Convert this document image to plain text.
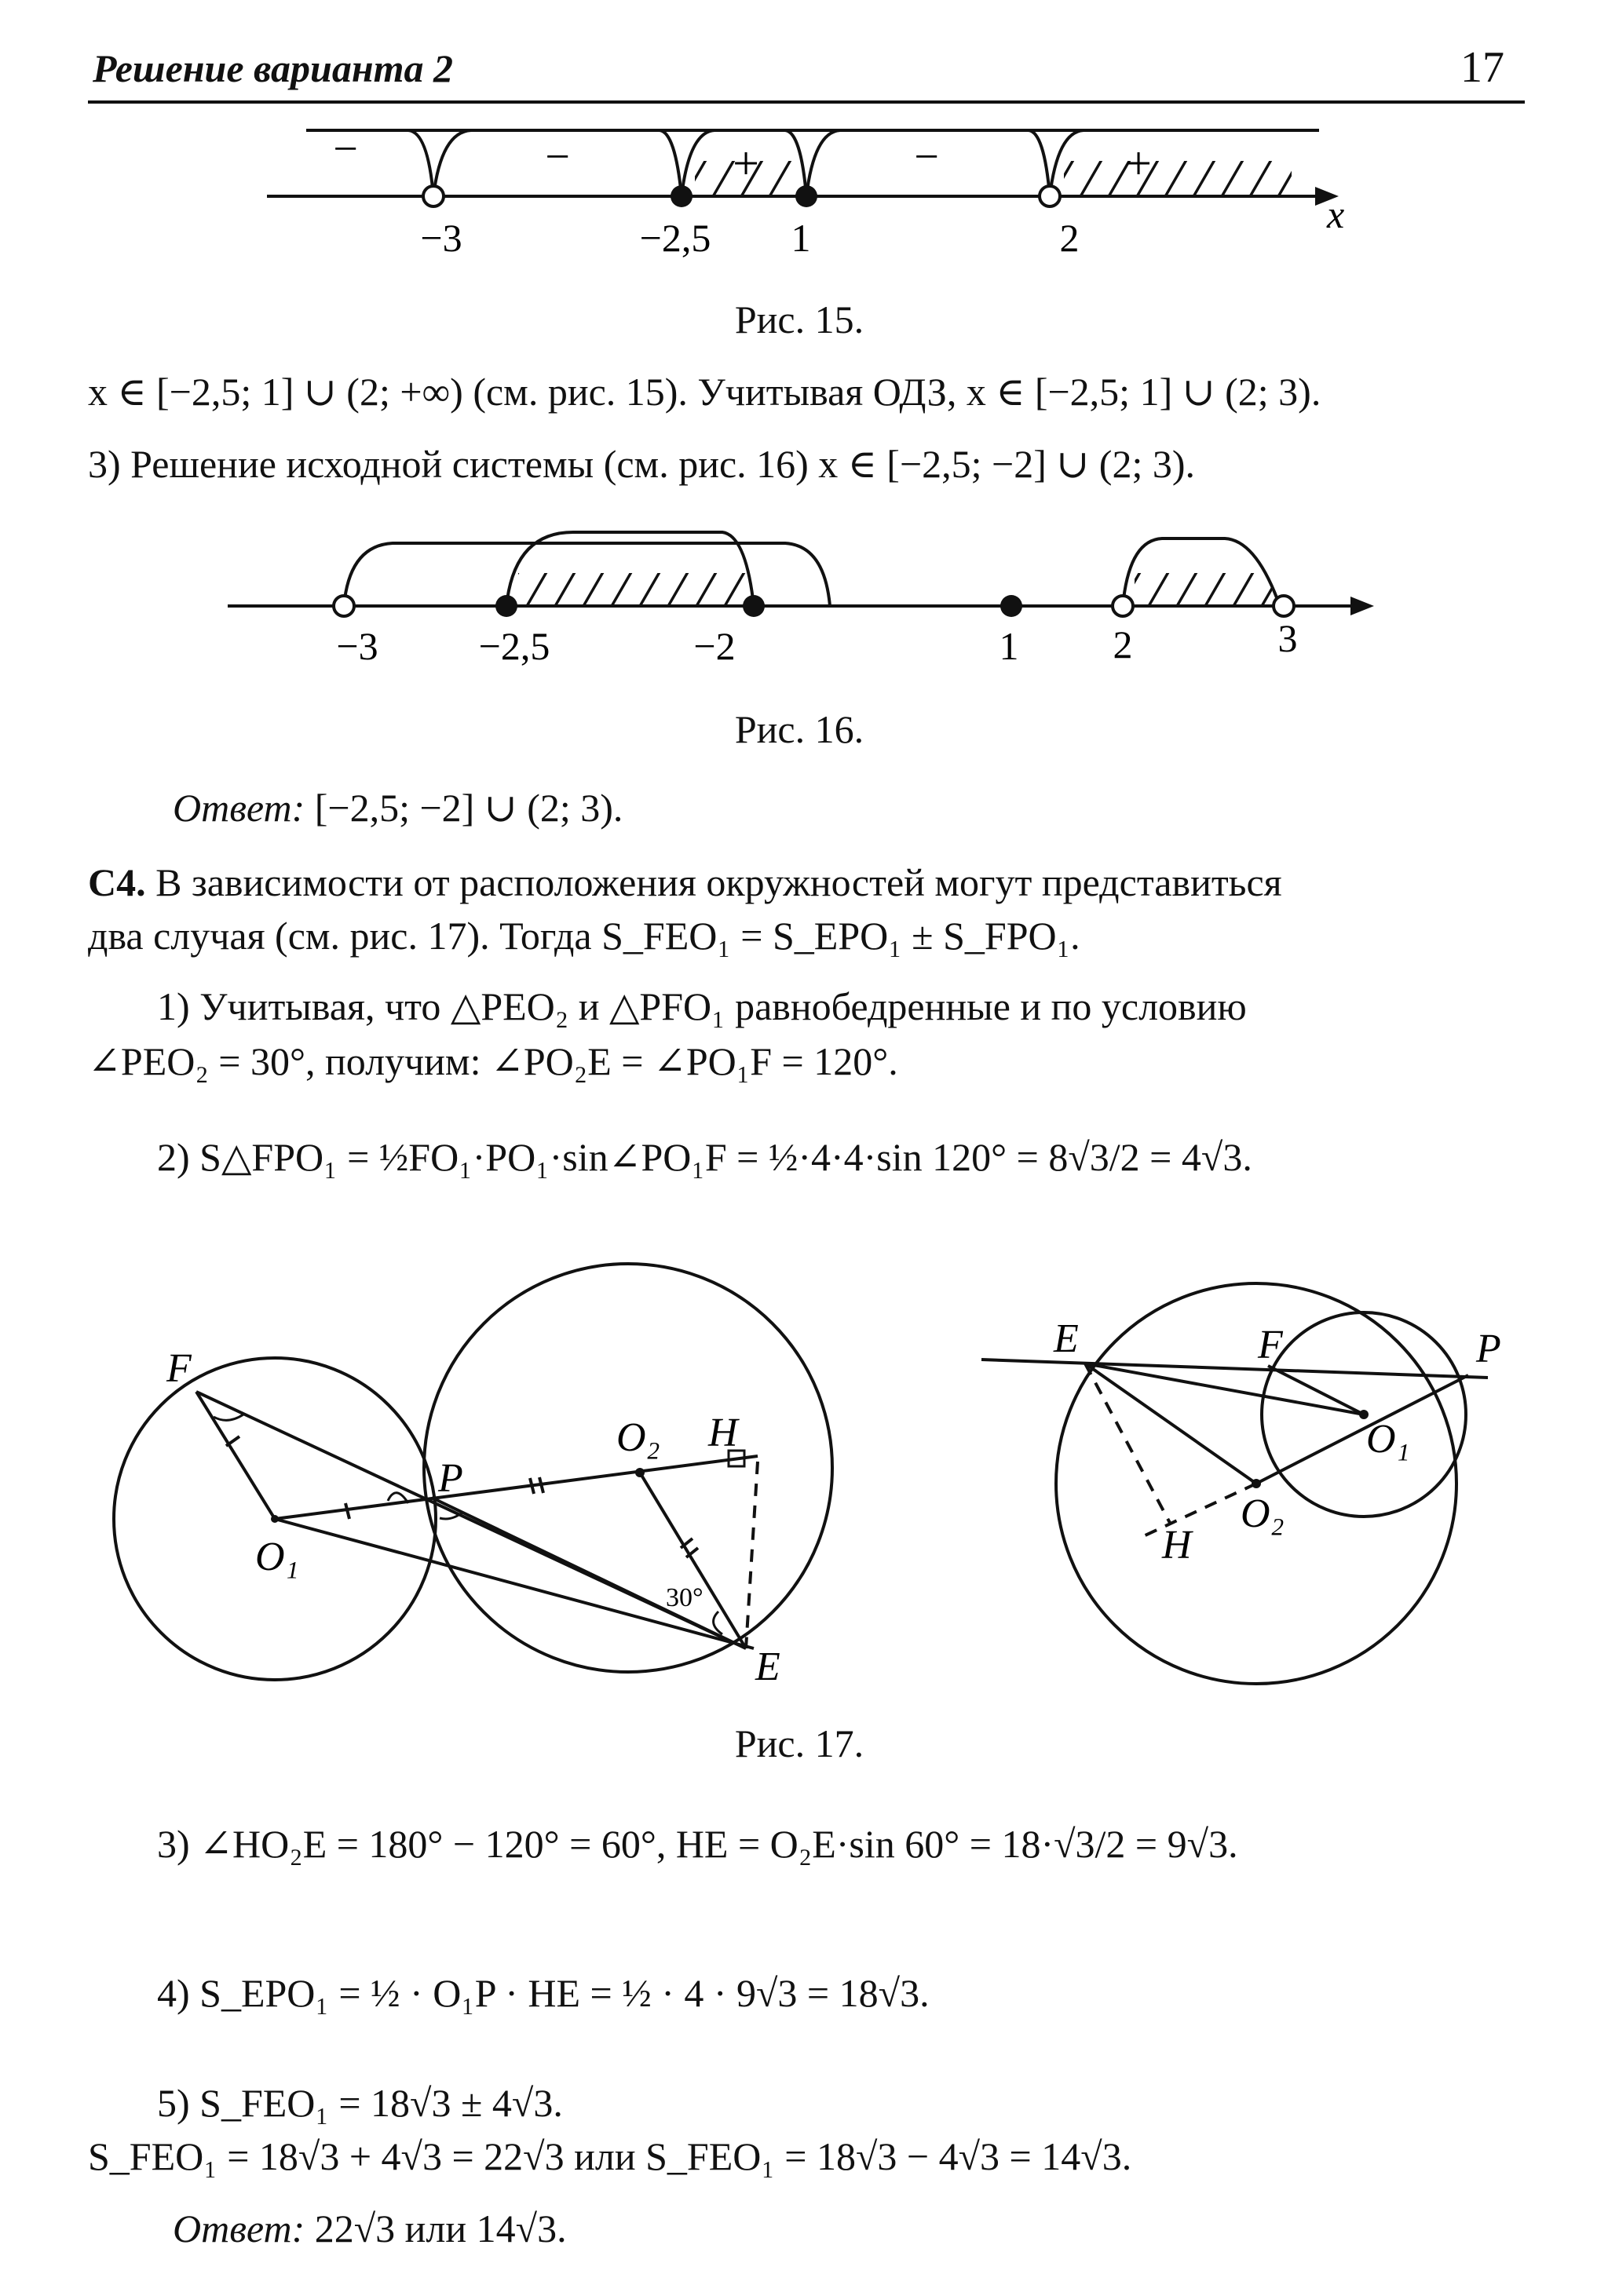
Решение варианта 2	17
−	−	+	−	+
−3	−2,5 1	2
x
Рис. 15.
x ∈ [−2,5; 1] ∪ (2; +∞) (см. рис. 15). Учитывая ОДЗ, x ∈ [−2,5; 1] ∪ (2; 3).
3) Решение исходной системы (см. рис. 16) x ∈ [−2,5; −2] ∪ (2; 3).
−3	−2,5	−2	1 2	3
Рис. 16.
Ответ: [−2,5; −2] ∪ (2; 3).
С4. В зависимости от расположения окружностей могут представиться
два случая (см. рис. 17). Тогда S_FEO₁ = S_EPO₁ ± S_FPO₁.
1) Учитывая, что △PEO₂ и △PFO₁ равнобедренные и по условию
∠PEO₂ = 30°, получим: ∠PO₂E = ∠PO₁F = 120°.
2) S△FPO₁ = ½FO₁·PO₁·sin∠PO₁F = ½·4·4·sin 120° = 8√3/2 = 4√3.
F
P
O₁
O₂ H
E
30°
E	F	P
O₁
O₂
H
Рис. 17.
3) ∠HO₂E = 180° − 120° = 60°, HE = O₂E·sin 60° = 18·√3/2 = 9√3.
4) S_EPO₁ = ½ · O₁P · HE = ½ · 4 · 9√3 = 18√3.
5) S_FEO₁ = 18√3 ± 4√3.
S_FEO₁ = 18√3 + 4√3 = 22√3 или S_FEO₁ = 18√3 − 4√3 = 14√3.
Ответ: 22√3 или 14√3.
